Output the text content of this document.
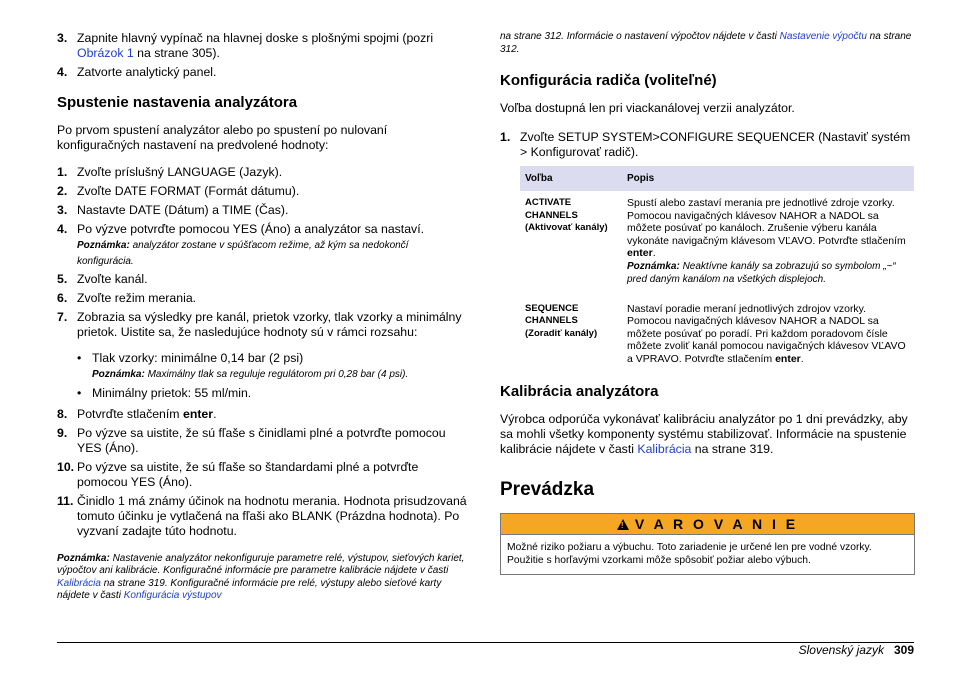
3. Zapnite hlavný vypínač na hlavnej doske s plošnými spojmi (pozri Obrázok 1 na strane 305).
4. Zatvorte analytický panel.
Spustenie nastavenia analyzátora

Po prvom spustení analyzátor alebo po spustení po nulovaní konfiguračných nastavení na predvolené hodnoty:

1. Zvoľte príslušný LANGUAGE (Jazyk).
2. Zvoľte DATE FORMAT (Formát dátumu).
3. Nastavte DATE (Dátum) a TIME (Čas).
4. Po výzve potvrďte pomocou YES (Áno) a analyzátor sa nastaví.
Poznámka: analyzátor zostane v spúšťacom režime, až kým sa nedokončí konfigurácia.
5. Zvoľte kanál.
6. Zvoľte režim merania.
7. Zobrazia sa výsledky pre kanál, prietok vzorky, tlak vzorky a minimálny prietok. Uistite sa, že nasledujúce hodnoty sú v rámci rozsahu:
• Tlak vzorky: minimálne 0,14 bar (2 psi)
Poznámka: Maximálny tlak sa reguluje regulátorom pri 0,28 bar (4 psi).
• Minimálny prietok: 55 ml/min.
8. Potvrďte stlačením enter.
9. Po výzve sa uistite, že sú fľaše s činidlami plné a potvrďte pomocou YES (Áno).
10. Po výzve sa uistite, že sú fľaše so štandardami plné a potvrďte pomocou YES (Áno).
11. Činidlo 1 má známy účinok na hodnotu merania. Hodnota prisudzovaná tomuto účinku je vytlačená na fľaši ako BLANK (Prázdna hodnota). Po vyzvaní zadajte túto hodnotu.
Poznámka: Nastavenie analyzátor nekonfiguruje parametre relé, výstupov, sieťových kariet, výpočtov ani kalibrácie. Konfiguračné informácie pre parametre kalibrácie nájdete v časti Kalibrácia na strane 319. Konfiguračné informácie pre relé, výstupy alebo sieťové karty nájdete v časti Konfigurácia výstupov
na strane 312. Informácie o nastavení výpočtov nájdete v časti Nastavenie výpočtu na strane 312.
Konfigurácia radiča (voliteľné)

Voľba dostupná len pri viackanálovej verzii analyzátor.

1. Zvoľte SETUP SYSTEM>CONFIGURE SEQUENCER (Nastaviť systém > Konfigurovať radič).
Voľba	Popis
ACTIVATE CHANNELS (Aktivovať kanály)	Spustí alebo zastaví merania pre jednotlivé zdroje vzorky. Pomocou navigačných klávesov NAHOR a NADOL sa môžete posúvať po kanáloch. Zrušenie výberu kanála vykonáte navigačným klávesom VĽAVO. Potvrďte stlačením enter.
Poznámka: Neaktívne kanály sa zobrazujú so symbolom „~“ pred daným kanálom na všetkých displejoch.
SEQUENCE CHANNELS (Zoradiť kanály)	Nastaví poradie meraní jednotlivých zdrojov vzorky. Pomocou navigačných klávesov NAHOR a NADOL sa môžete posúvať po poradí. Pri každom poradovom čísle môžete zvoliť kanál pomocou navigačných klávesov VĽAVO a VPRAVO. Potvrďte stlačením enter.
Kalibrácia analyzátora

Výrobca odporúča vykonávať kalibráciu analyzátor po 1 dni prevádzky, aby sa mohli všetky komponenty systému stabilizovať. Informácie na spustenie kalibrácie nájdete v časti Kalibrácia na strane 319.

Prevádzka
! V A R O V A N I E
Možné riziko požiaru a výbuchu. Toto zariadenie je určené len pre vodné vzorky. Použitie s horľavými vzorkami môže spôsobiť požiar alebo výbuch.
Slovenský jazyk 309
